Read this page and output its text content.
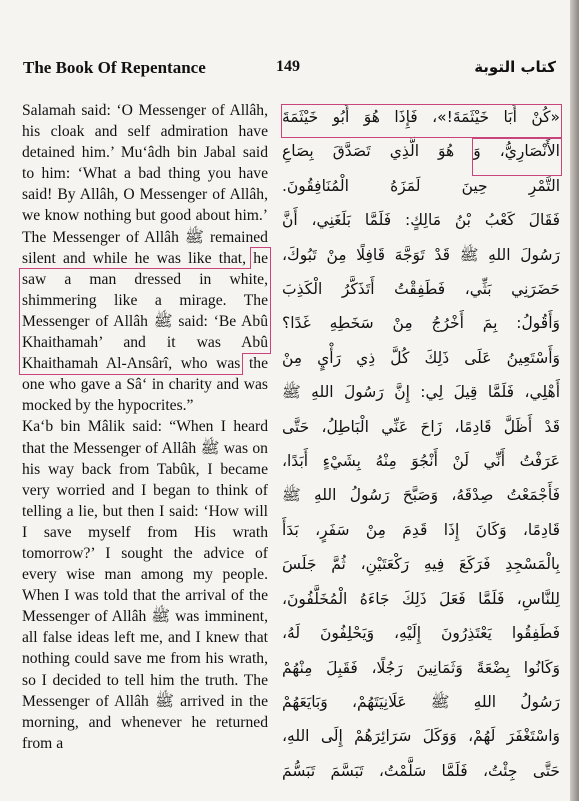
The Book Of Repentance	149	كتاب التوبة

Salamah said: ‘O Messenger of Allâh, his cloak and self admiration have detained him.’ Mu‘âdh bin Jabal said to him: ‘What a bad thing you have said! By Allâh, O Messenger of Allâh, we know nothing but good about him.’ The Messenger of Allâh ﷺ remained silent and while he was like that, he saw a man dressed in white, shimmering like a mirage. The Messenger of Allâh ﷺ said: ‘Be Abû Khaithamah’ and it was Abû Khaithamah Al-Ansârî, who was the one who gave a Sâ‘ in charity and was mocked by the hypocrites.”

Ka‘b bin Mâlik said: “When I heard that the Messenger of Allâh ﷺ was on his way back from Tabûk, I became very worried and I began to think of telling a lie, but then I said: ‘How will I save myself from His wrath tomorrow?’ I sought the advice of every wise man among my people. When I was told that the arrival of the Messenger of Allâh ﷺ was imminent, all false ideas left me, and I knew that nothing could save me from his wrath, so I decided to tell him the truth. The Messenger of Allâh ﷺ arrived in the morning, and whenever he returned from a

«كُنْ أَبَا خَيْثَمَةَ!»، فَإِذَا هُوَ أَبُو خَيْثَمَةَ
الأَنْصَارِيُّ، وَ هُوَ الَّذِي تَصَدَّقَ بِصَاعِ
التَّمْرِ حِينَ لَمَزَهُ الْمُنَافِقُونَ.
فَقَالَ كَعْبُ بْنُ مَالِكٍ: فَلَمَّا بَلَغَنِي، أَنَّ
رَسُولَ اللهِ ﷺ قَدْ تَوَجَّهَ قَافِلًا مِنْ تَبُوكَ،
حَضَرَنِي بَثِّي، فَطَفِقْتُ أَتَذَكَّرُ الْكَذِبَ
وَأَقُولُ: بِمَ أَخْرُجُ مِنْ سَخَطِهِ غَدًا؟
وَأَسْتَعِينُ عَلَى ذَلِكَ كُلَّ ذِي رَأْيٍ مِنْ
أَهْلِي، فَلَمَّا قِيلَ لِي: إِنَّ رَسُولَ اللهِ ﷺ
قَدْ أَظَلَّ قَادِمًا، زَاحَ عَنِّي الْبَاطِلُ، حَتَّى
عَرَفْتُ أَنِّي لَنْ أَنْجُوَ مِنْهُ بِشَيْءٍ أَبَدًا،
فَأَجْمَعْتُ صِدْقَهُ، وَصَبَّحَ رَسُولُ اللهِ ﷺ
قَادِمًا، وَكَانَ إِذَا قَدِمَ مِنْ سَفَرٍ، بَدَأَ
بِالْمَسْجِدِ فَرَكَعَ فِيهِ رَكْعَتَيْنِ، ثُمَّ جَلَسَ
لِلنَّاسِ، فَلَمَّا فَعَلَ ذَلِكَ جَاءَهُ الْمُخَلَّفُونَ،
فَطَفِقُوا يَعْتَذِرُونَ إِلَيْهِ، وَيَحْلِفُونَ لَهُ،
وَكَانُوا بِضْعَةً وَثَمَانِينَ رَجُلًا، فَقَبِلَ مِنْهُمْ
رَسُولُ اللهِ ﷺ عَلَانِيَتَهُمْ، وَبَايَعَهُمْ
وَاسْتَغْفَرَ لَهُمْ، وَوَكَلَ سَرَائِرَهُمْ إِلَى اللهِ،
حَتَّى جِئْتُ، فَلَمَّا سَلَّمْتُ، تَبَسَّمَ تَبَسُّمَ
